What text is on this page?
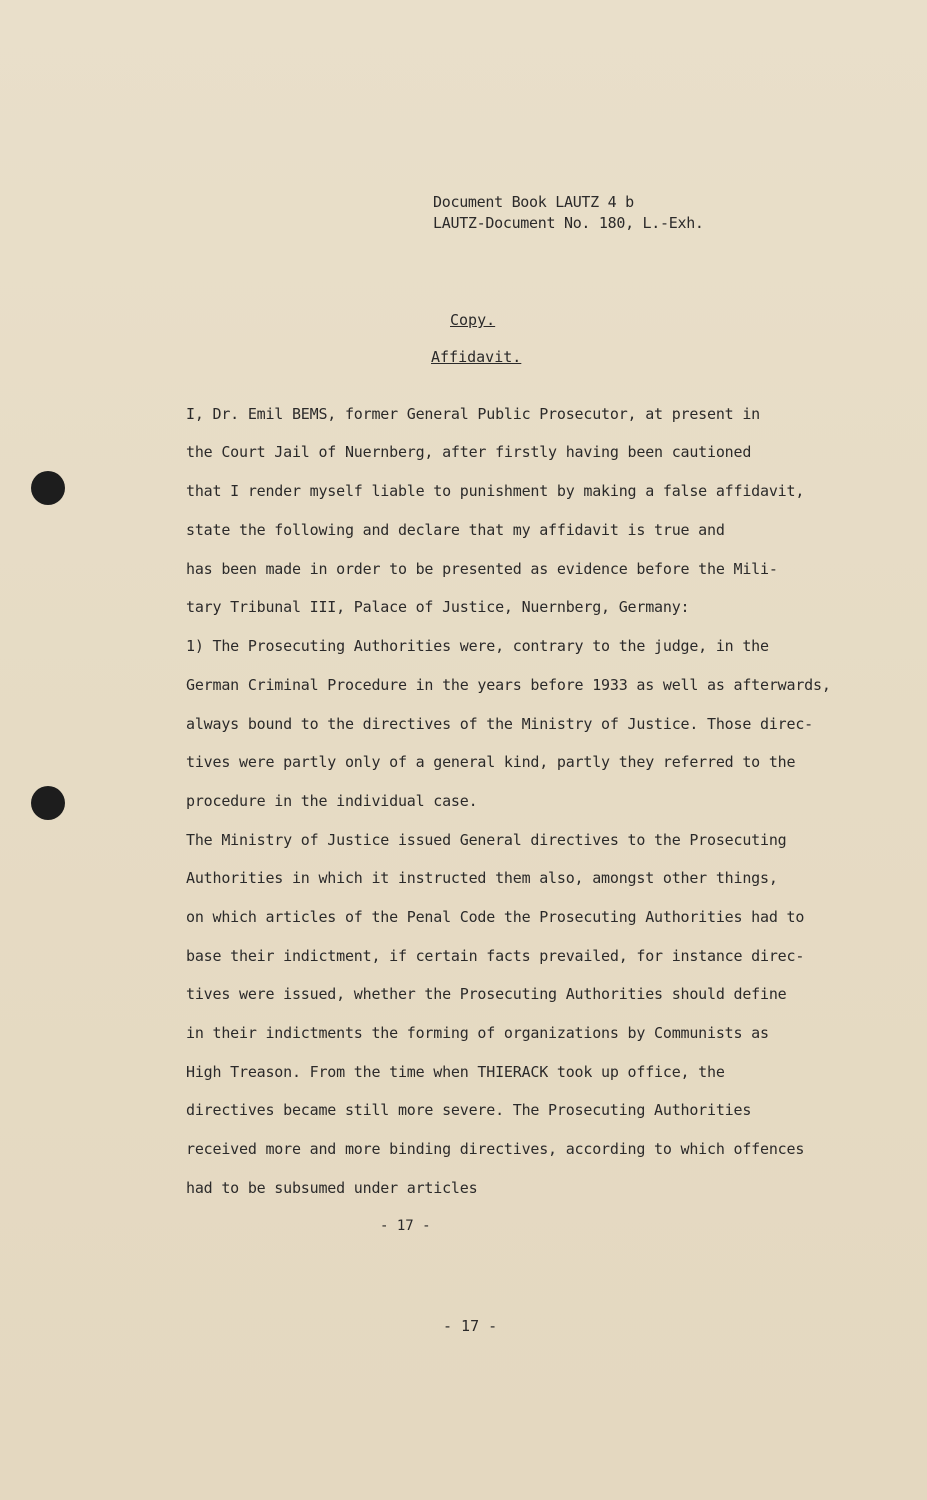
Document Book LAUTZ 4 b
LAUTZ-Document No. 180, L.-Exh.
Copy.
Affidavit.
I, Dr. Emil BEMS, former General Public Prosecutor, at present in
the Court Jail of Nuernberg, after firstly having been cautioned
that I render myself liable to punishment by making a false affidavit,
state the following and declare that my affidavit is true and
has been made in order to be presented as evidence before the Mili-
tary Tribunal III, Palace of Justice, Nuernberg, Germany:
1) The Prosecuting Authorities were, contrary to the judge, in the
German Criminal Procedure in the years before 1933 as well as afterwards,
always bound to the directives of the Ministry of Justice. Those direc-
tives were partly only of a general kind, partly they referred to the
procedure in the individual case.
The Ministry of Justice issued General directives to the Prosecuting
Authorities in which it instructed them also, amongst other things,
on which articles of the Penal Code the Prosecuting Authorities had to
base their indictment, if certain facts prevailed, for instance direc-
tives were issued, whether the Prosecuting Authorities should define
in their indictments the forming of organizations by Communists as
High Treason. From the time when THIERACK took up office, the
directives became still more severe. The Prosecuting Authorities
received more and more binding directives, according to which offences
had to be subsumed under articles
- 17 -
- 17 -
